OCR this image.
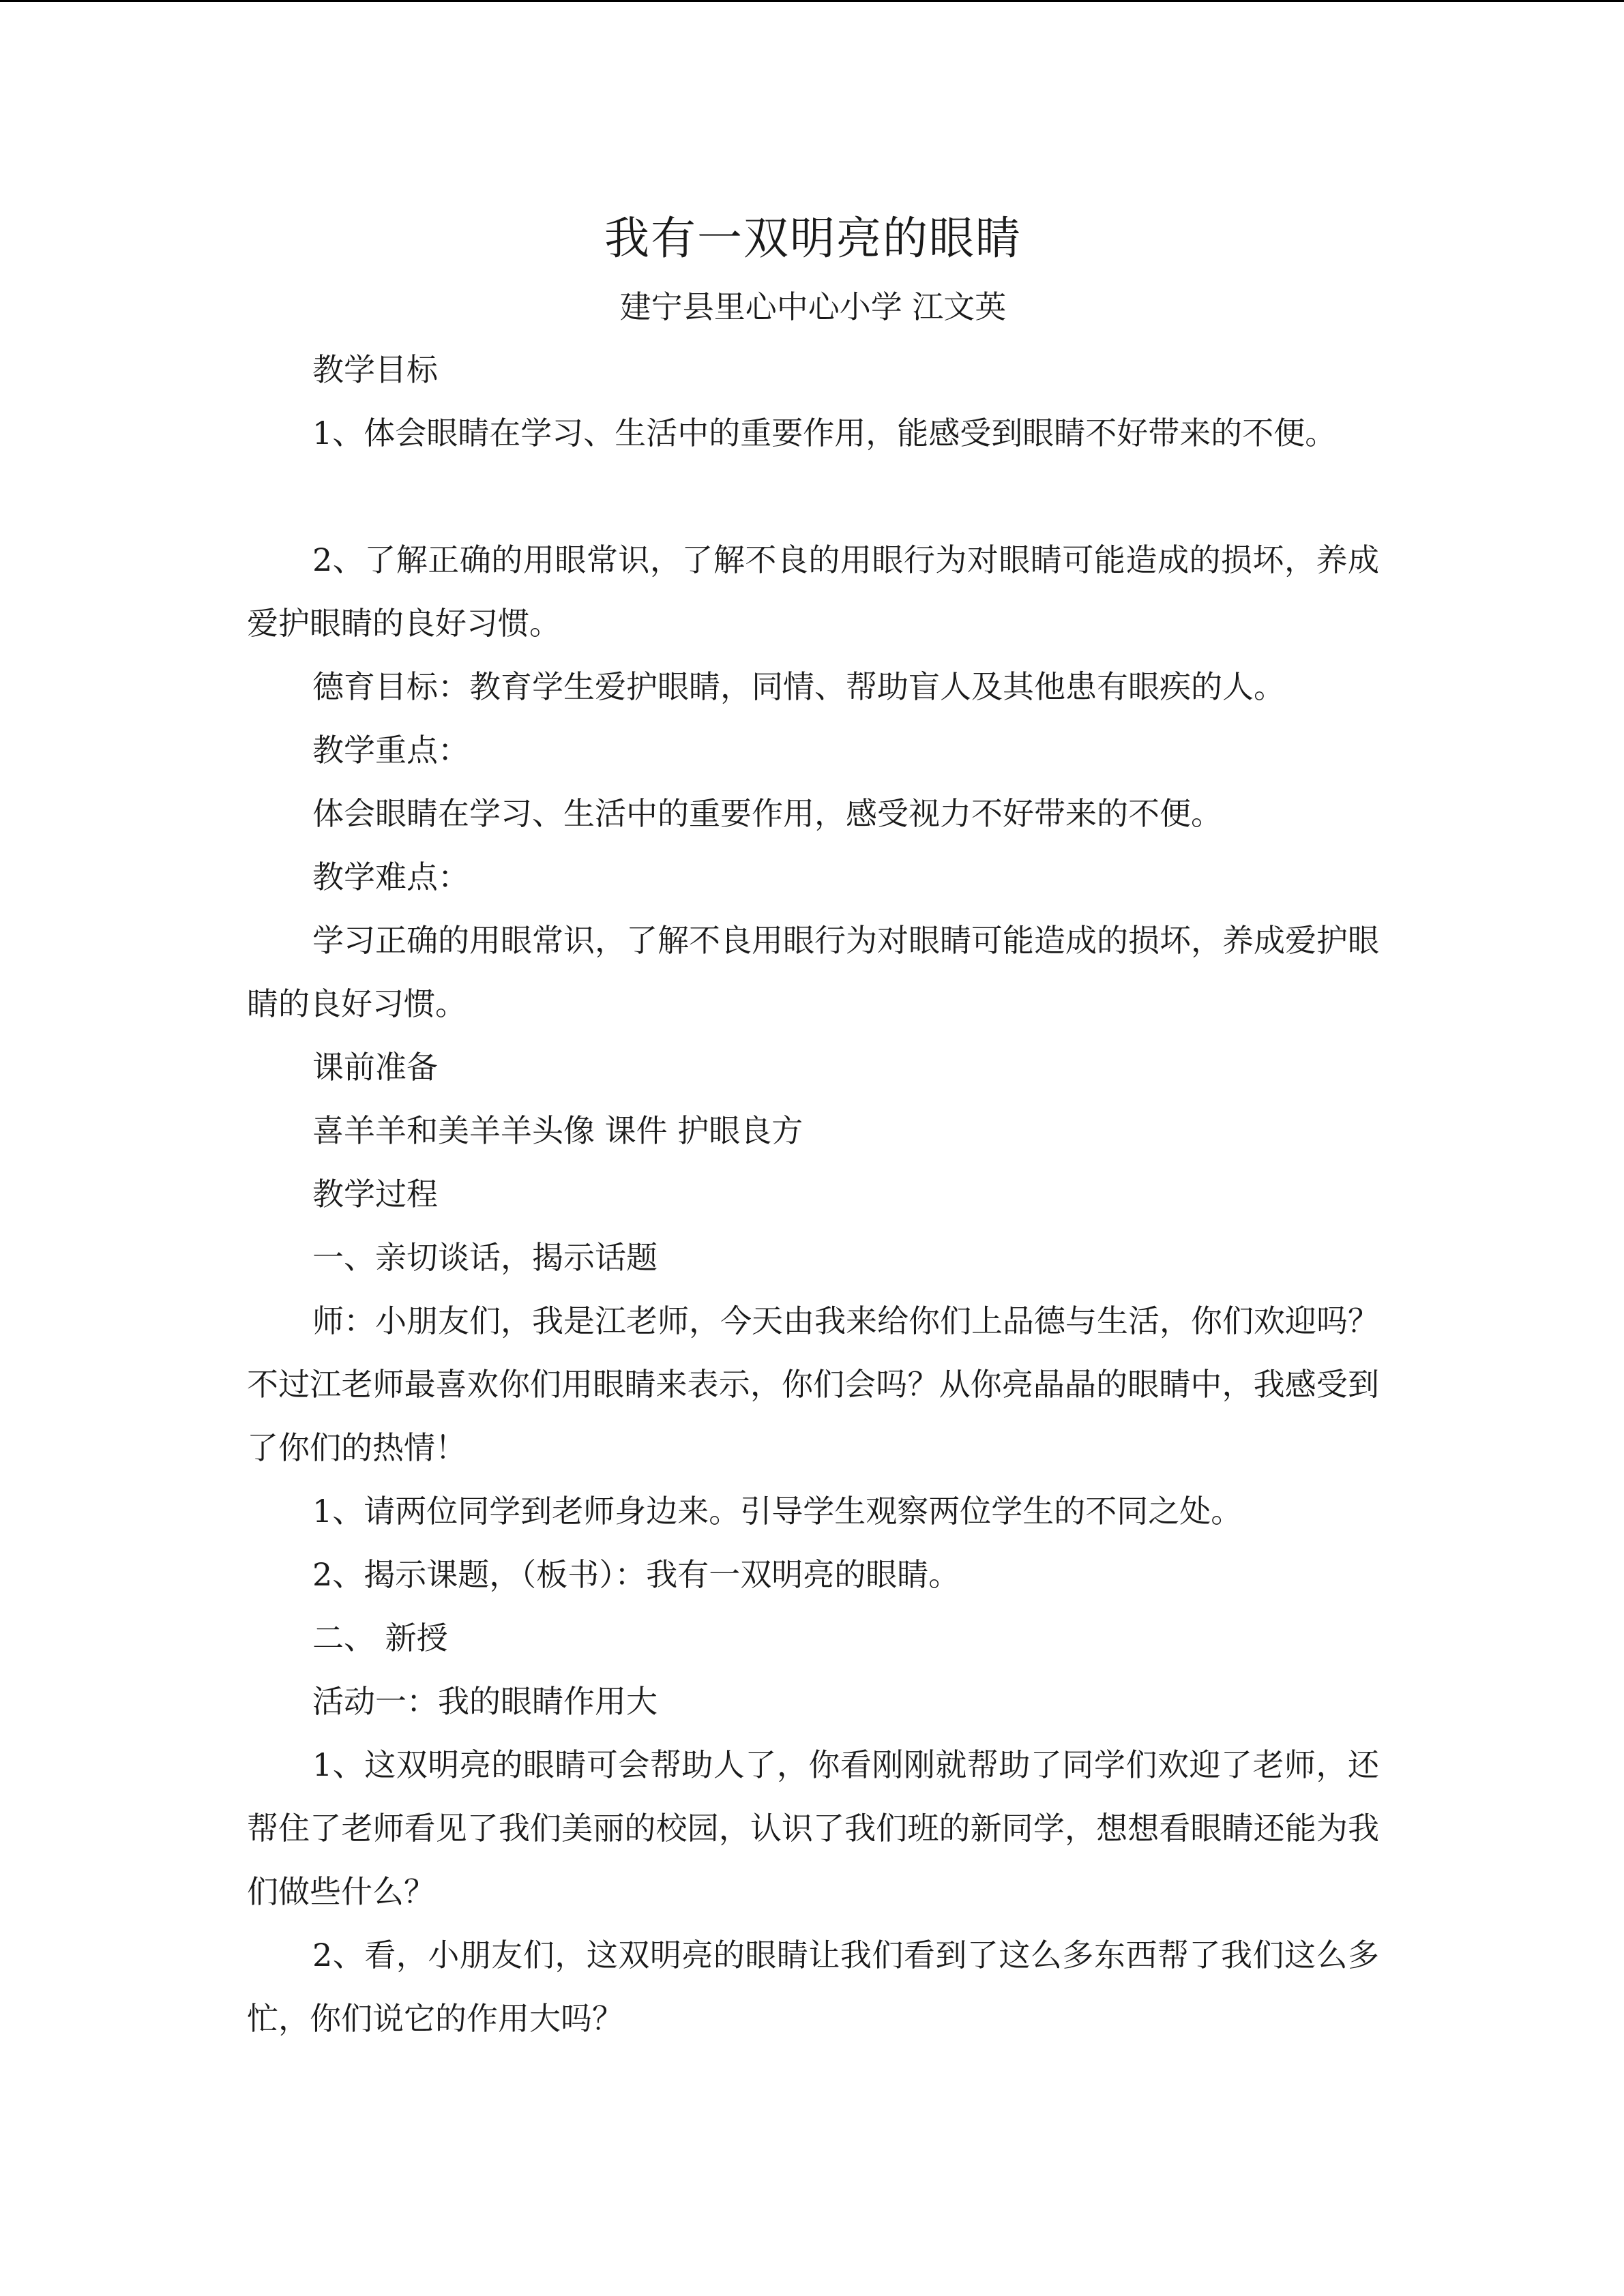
我有一双明亮的眼睛
建宁县里心中心小学 江文英

教学目标

1、体会眼睛在学习、生活中的重要作用，能感受到眼睛不好带来的不便。

2、了解正确的用眼常识，了解不良的用眼行为对眼睛可能造成的损坏，养成爱护眼睛的良好习惯。

德育目标：教育学生爱护眼睛，同情、帮助盲人及其他患有眼疾的人。

教学重点：

体会眼睛在学习、生活中的重要作用，感受视力不好带来的不便。

教学难点：

学习正确的用眼常识，了解不良用眼行为对眼睛可能造成的损坏，养成爱护眼睛的良好习惯。

课前准备

喜羊羊和美羊羊头像 课件 护眼良方

教学过程

一、亲切谈话，揭示话题

师：小朋友们，我是江老师，今天由我来给你们上品德与生活，你们欢迎吗？不过江老师最喜欢你们用眼睛来表示，你们会吗？从你亮晶晶的眼睛中，我感受到了你们的热情！

1、请两位同学到老师身边来。引导学生观察两位学生的不同之处。

2、揭示课题，（板书）：我有一双明亮的眼睛。

二、 新授

活动一：我的眼睛作用大

1、这双明亮的眼睛可会帮助人了，你看刚刚就帮助了同学们欢迎了老师，还帮住了老师看见了我们美丽的校园，认识了我们班的新同学，想想看眼睛还能为我们做些什么？

2、看，小朋友们，这双明亮的眼睛让我们看到了这么多东西帮了我们这么多忙，你们说它的作用大吗？
